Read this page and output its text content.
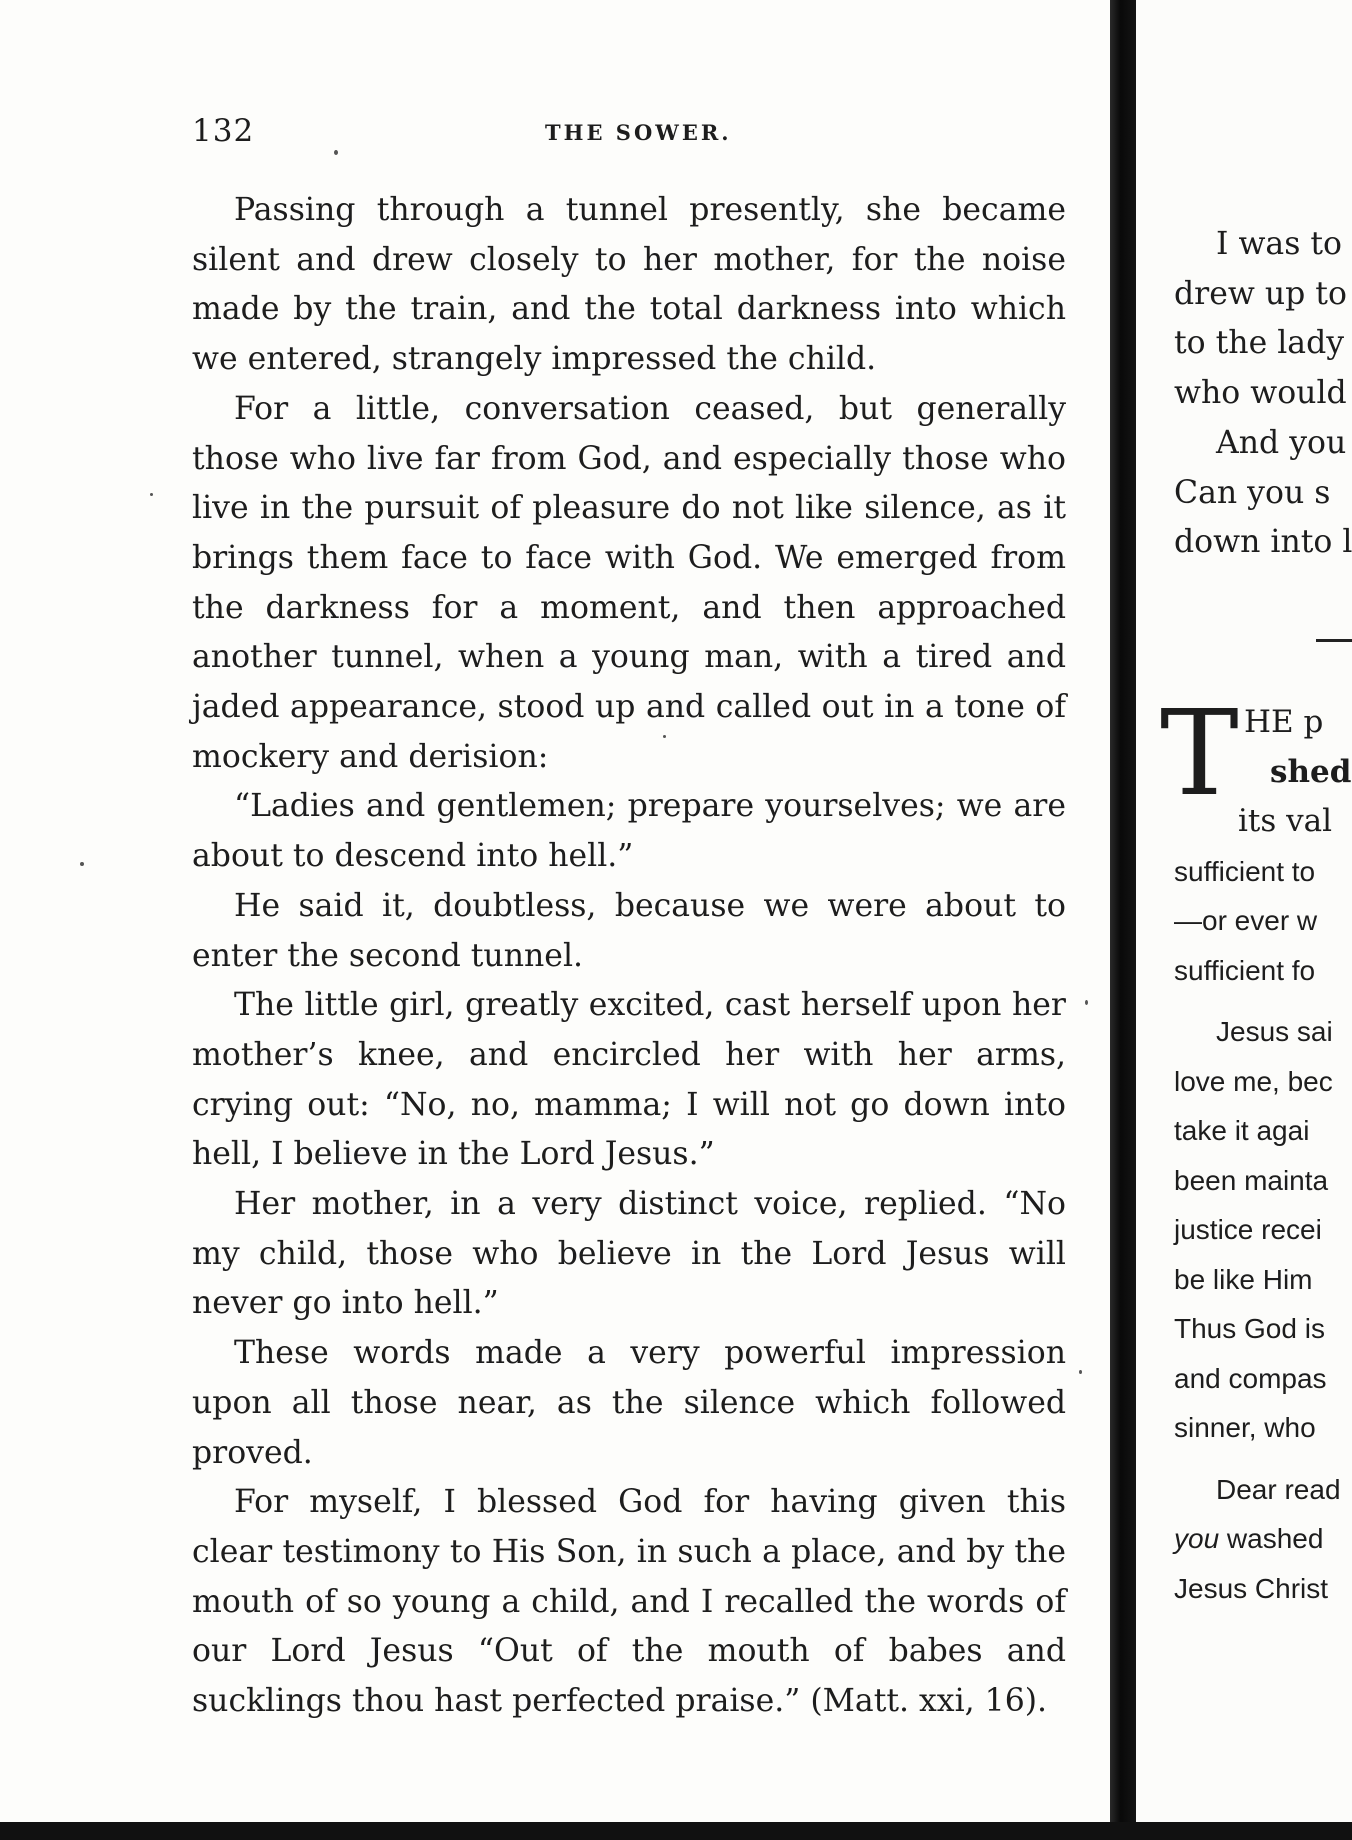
132	THE SOWER.

Passing through a tunnel presently, she became silent and drew closely to her mother, for the noise made by the train, and the total darkness into which we entered, strangely impressed the child.

For a little, conversation ceased, but generally those who live far from God, and especially those who live in the pursuit of pleasure do not like silence, as it brings them face to face with God. We emerged from the darkness for a moment, and then approached another tunnel, when a young man, with a tired and jaded appearance, stood up and called out in a tone of mockery and derision:

“Ladies and gentlemen; prepare yourselves; we are about to descend into hell.”

He said it, doubtless, because we were about to enter the second tunnel.

The little girl, greatly excited, cast herself upon her mother’s knee, and encircled her with her arms, crying out: “No, no, mamma; I will not go down into hell, I believe in the Lord Jesus.”

Her mother, in a very distinct voice, replied. “No my child, those who believe in the Lord Jesus will never go into hell.”

These words made a very powerful impression upon all those near, as the silence which followed proved.

For myself, I blessed God for having given this clear testimony to His Son, in such a place, and by the mouth of so young a child, and I recalled the words of our Lord Jesus “Out of the mouth of babes and sucklings thou hast perfected praise.” (Matt. xxi, 16).

I was to

drew up to

to the lady

who would

And you

Can you s

down into l

T HE p

shed

its val

sufficient to

—or ever w

sufficient fo

Jesus sai

love me, bec

take it agai

been mainta

justice recei

be like Him

Thus God is

and compas

sinner, who

Dear read

you washed

Jesus Christ
